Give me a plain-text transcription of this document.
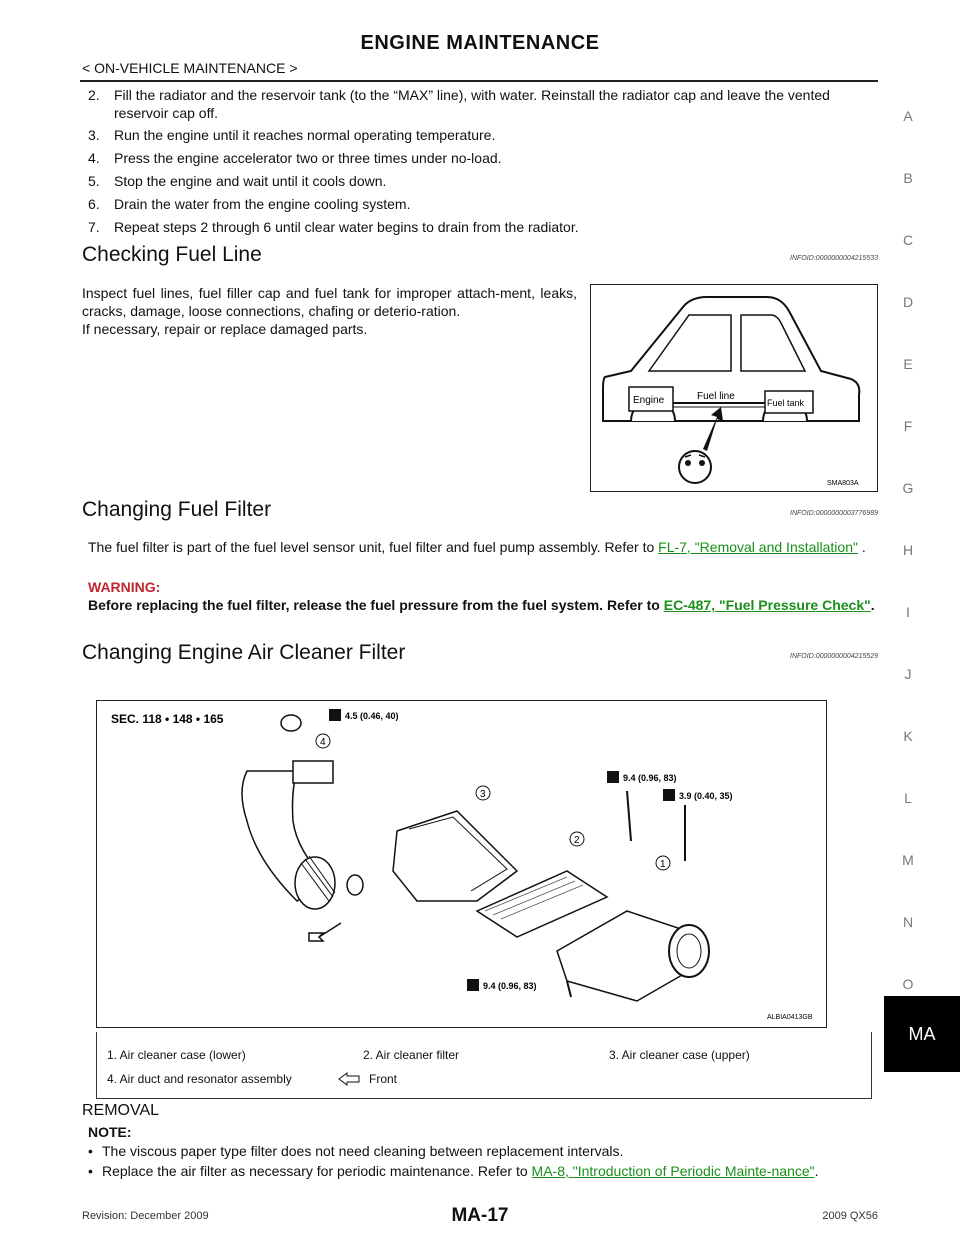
ENGINE MAINTENANCE
< ON-VEHICLE MAINTENANCE >
A
B
C
D
E
F
G
H
I
J
K
L
M
N
O
MA
2. Fill the radiator and the reservoir tank (to the “MAX” line), with water. Reinstall the radiator cap and leave the vented reservoir cap off.
3. Run the engine until it reaches normal operating temperature.
4. Press the engine accelerator two or three times under no-load.
5. Stop the engine and wait until it cools down.
6. Drain the water from the engine cooling system.
7. Repeat steps 2 through 6 until clear water begins to drain from the radiator.
Checking Fuel Line	INFOID:0000000004215533
Inspect fuel lines, fuel filler cap and fuel tank for improper attach-ment, leaks, cracks, damage, loose connections, chafing or deterio-ration.
If necessary, repair or replace damaged parts.
Engine	Fuel line
Fuel tank
SMA803A
Changing Fuel Filter	INFOID:0000000003776989
The fuel filter is part of the fuel level sensor unit, fuel filter and fuel pump assembly. Refer to FL-7, "Removal and Installation" .
WARNING:
Before replacing the fuel filter, release the fuel pressure from the fuel system. Refer to EC-487, "Fuel Pressure Check".
Changing Engine Air Cleaner Filter	INFOID:0000000004215529
SEC. 118 • 148 • 165	4.5 (0.46, 40)
9.4 (0.96, 83)
3.9 (0.40, 35)
9.4 (0.96, 83)
4
3
2
1
ALBIA0413GB
1. Air cleaner case (lower)	2. Air cleaner filter	3. Air cleaner case (upper)
4. Air duct and resonator assembly	Front
REMOVAL
NOTE:
• The viscous paper type filter does not need cleaning between replacement intervals.
• Replace the air filter as necessary for periodic maintenance. Refer to MA-8, "Introduction of Periodic Mainte-nance".
Revision: December 2009	MA-17	2009 QX56
